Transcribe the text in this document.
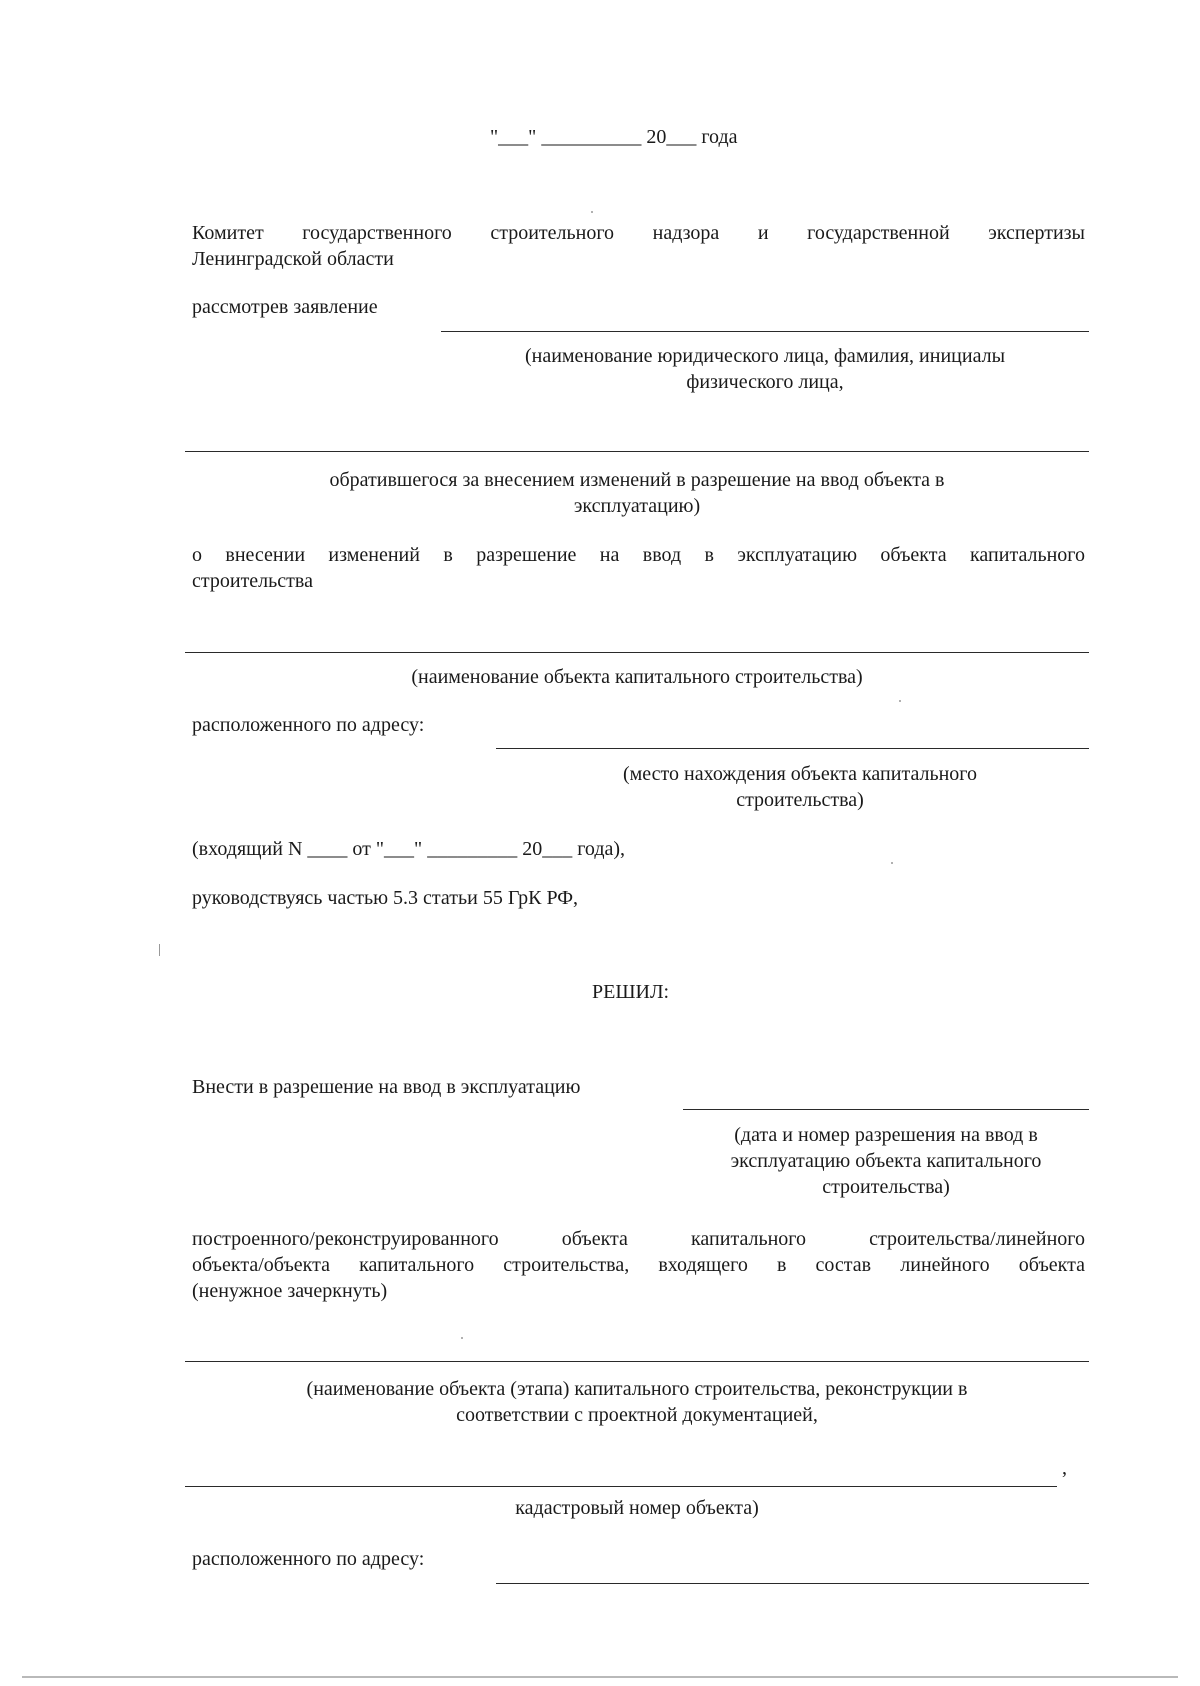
"___" __________ 20___ года
Комитет государственного строительного надзора и государственной экспертизы
Ленинградской области
рассмотрев заявление
(наименование юридического лица, фамилия, инициалы
физического лица,
обратившегося за внесением изменений в разрешение на ввод объекта в
эксплуатацию)
о внесении изменений в разрешение на ввод в эксплуатацию объекта капитального
строительства
(наименование объекта капитального строительства)
расположенного по адресу:
(место нахождения объекта капитального
строительства)
(входящий N ____ от "___" _________ 20___ года),
руководствуясь частью 5.3 статьи 55 ГрК РФ,
РЕШИЛ:
Внести в разрешение на ввод в эксплуатацию
(дата и номер разрешения на ввод в
эксплуатацию объекта капитального
строительства)
построенного/реконструированного объекта капитального строительства/линейного
объекта/объекта капитального строительства, входящего в состав линейного объекта
(ненужное зачеркнуть)
(наименование объекта (этапа) капитального строительства, реконструкции в
соответствии с проектной документацией,
,
кадастровый номер объекта)
расположенного по адресу:
